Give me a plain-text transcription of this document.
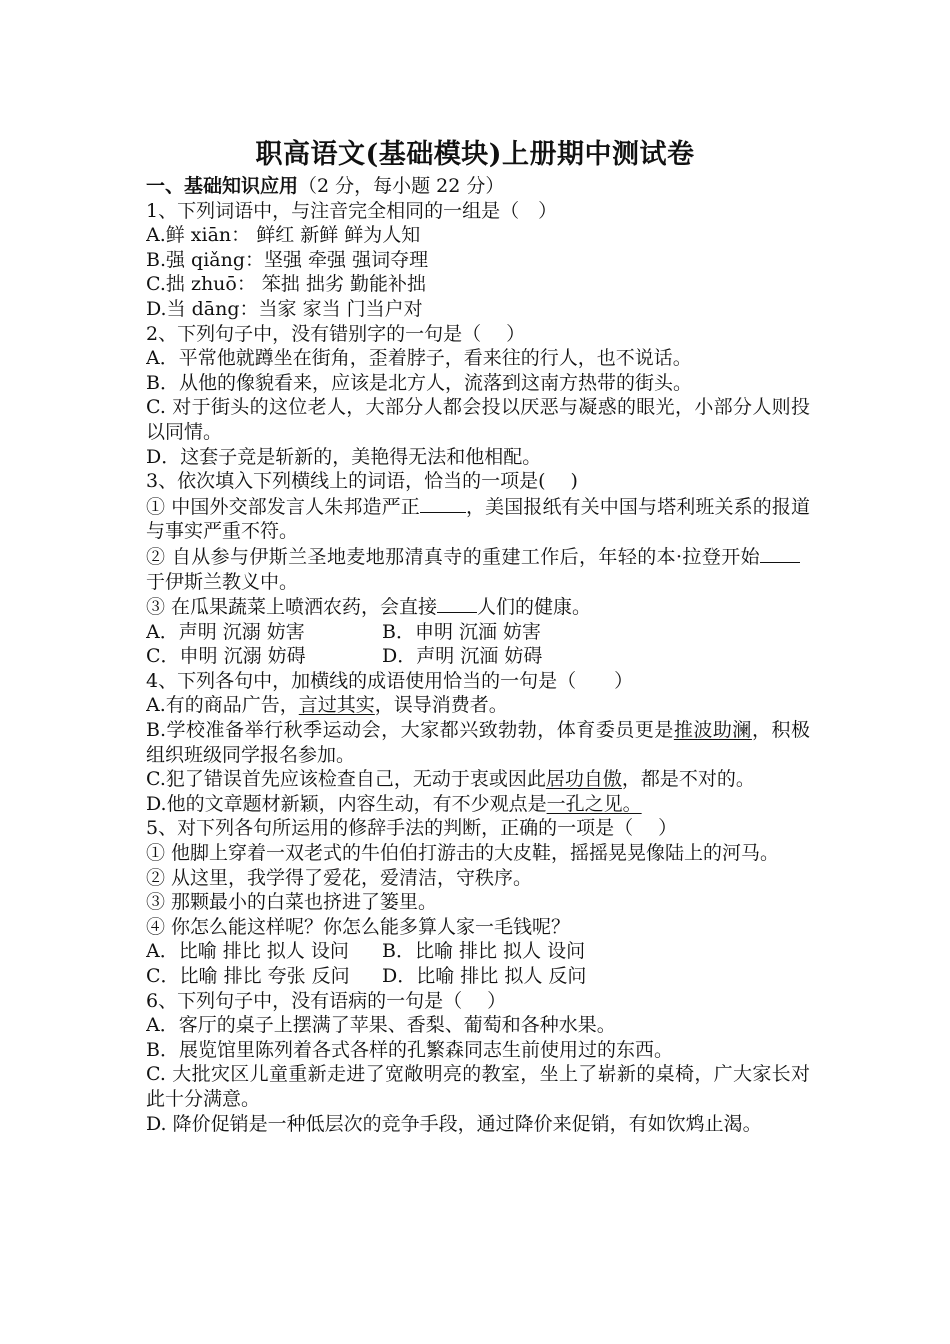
职高语文(基础模块)上册期中测试卷
一、基础知识应用（2 分，每小题 22 分）
1、下列词语中，与注音完全相同的一组是（　）
A.鲜 xiān： 鲜红 新鲜 鲜为人知
B.强 qiǎng：坚强 牵强 强词夺理
C.拙 zhuō： 笨拙 拙劣 勤能补拙
D.当 dāng：当家 家当 门当户对
2、下列句子中，没有错别字的一句是（　 ）
A．平常他就蹲坐在街角，歪着脖子，看来往的行人，也不说话。
B．从他的像貌看来，应该是北方人，流落到这南方热带的街头。
C. 对于街头的这位老人，大部分人都会投以厌恶与凝惑的眼光，小部分人则投以同情。
D．这套子竞是斩新的，美艳得无法和他相配。
3、依次填入下列横线上的词语，恰当的一项是(　 )
① 中国外交部发言人朱邦造严正 ，美国报纸有关中国与塔利班关系的报道与事实严重不符。
② 自从参与伊斯兰圣地麦地那清真寺的重建工作后，年轻的本·拉登开始于伊斯兰教义中。
③ 在瓜果蔬菜上喷洒农药，会直接 人们的健康。
A．声明 沉溺 妨害	B．申明 沉湎 妨害
C．申明 沉溺 妨碍	D．声明 沉湎 妨碍
4、下列各句中，加横线的成语使用恰当的一句是（　　）
A.有的商品广告，言过其实，误导消费者。
B.学校准备举行秋季运动会，大家都兴致勃勃，体育委员更是推波助澜，积极组织班级同学报名参加。
C.犯了错误首先应该检查自己，无动于衷或因此居功自傲，都是不对的。
D.他的文章题材新颖，内容生动，有不少观点是一孔之见。
5、对下列各句所运用的修辞手法的判断，正确的一项是（　 ）
① 他脚上穿着一双老式的牛伯伯打游击的大皮鞋，摇摇晃晃像陆上的河马。
② 从这里，我学得了爱花，爱清洁，守秩序。
③ 那颗最小的白菜也挤进了篓里。
④ 你怎么能这样呢？你怎么能多算人家一毛钱呢？
A．比喻 排比 拟人 设问 B．比喻 排比 拟人 设问
C．比喻 排比 夸张 反问 D．比喻 排比 拟人 反问
6、下列句子中，没有语病的一句是（　 ）
A．客厅的桌子上摆满了苹果、香梨、葡萄和各种水果。
B．展览馆里陈列着各式各样的孔繁森同志生前使用过的东西。
C. 大批灾区儿童重新走进了宽敞明亮的教室，坐上了崭新的桌椅，广大家长对此十分满意。
D. 降价促销是一种低层次的竞争手段，通过降价来促销，有如饮鸩止渴。
